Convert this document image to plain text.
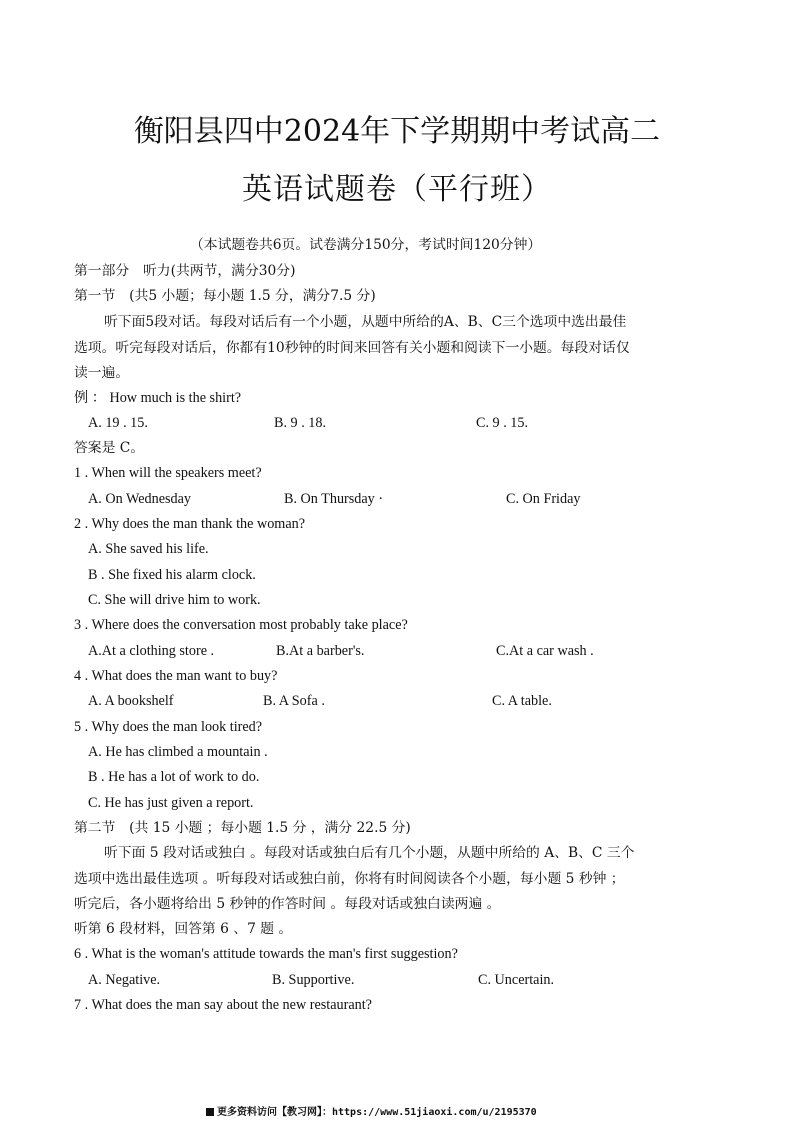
衡阳县四中2024年下学期期中考试高二
英语试题卷（平行班）
（本试题卷共6页。试卷满分150分，考试时间120分钟）
第一部分　听力(共两节，满分30分)
第一节　(共5 小题；每小题 1.5 分，满分7.5 分)
听下面5段对话。每段对话后有一个小题，从题中所给的A、B、C三个选项中选出最佳
选项。听完每段对话后，你都有10秒钟的时间来回答有关小题和阅读下一小题。每段对话仅
读一遍。
例 ： How much is the shirt?
A. 19 . 15.	B. 9 . 18.	C. 9 . 15.
答案是 C。
1 . When will the speakers meet?
A. On Wednesday	B. On Thursday ·	C. On Friday
2 . Why does the man thank the woman?
A. She saved his life.
B . She fixed his alarm clock.
C. She will drive him to work.
3 . Where does the conversation most probably take place?
A.At a clothing store .	B.At a barber's.	C.At a car wash .
4 . What does the man want to buy?
A. A bookshelf	B. A Sofa .	C. A table.
5 . Why does the man look tired?
A. He has climbed a mountain .
B . He has a lot of work to do.
C. He has just given a report.
第二节　(共 15 小题 ；每小题 1.5 分 ，满分 22.5 分)
听下面 5 段对话或独白 。每段对话或独白后有几个小题，从题中所给的 A、B、C 三个
选项中选出最佳选项 。听每段对话或独白前，你将有时间阅读各个小题，每小题 5 秒钟 ；
听完后，各小题将给出 5 秒钟的作答时间 。每段对话或独白读两遍 。
听第 6 段材料，回答第 6 、7 题 。
6 . What is the woman's attitude towards the man's first suggestion?
A. Negative.	B. Supportive.	C. Uncertain.
7 . What does the man say about the new restaurant?
更多资料访问【教习网】：https://www.51jiaoxi.com/u/2195370
